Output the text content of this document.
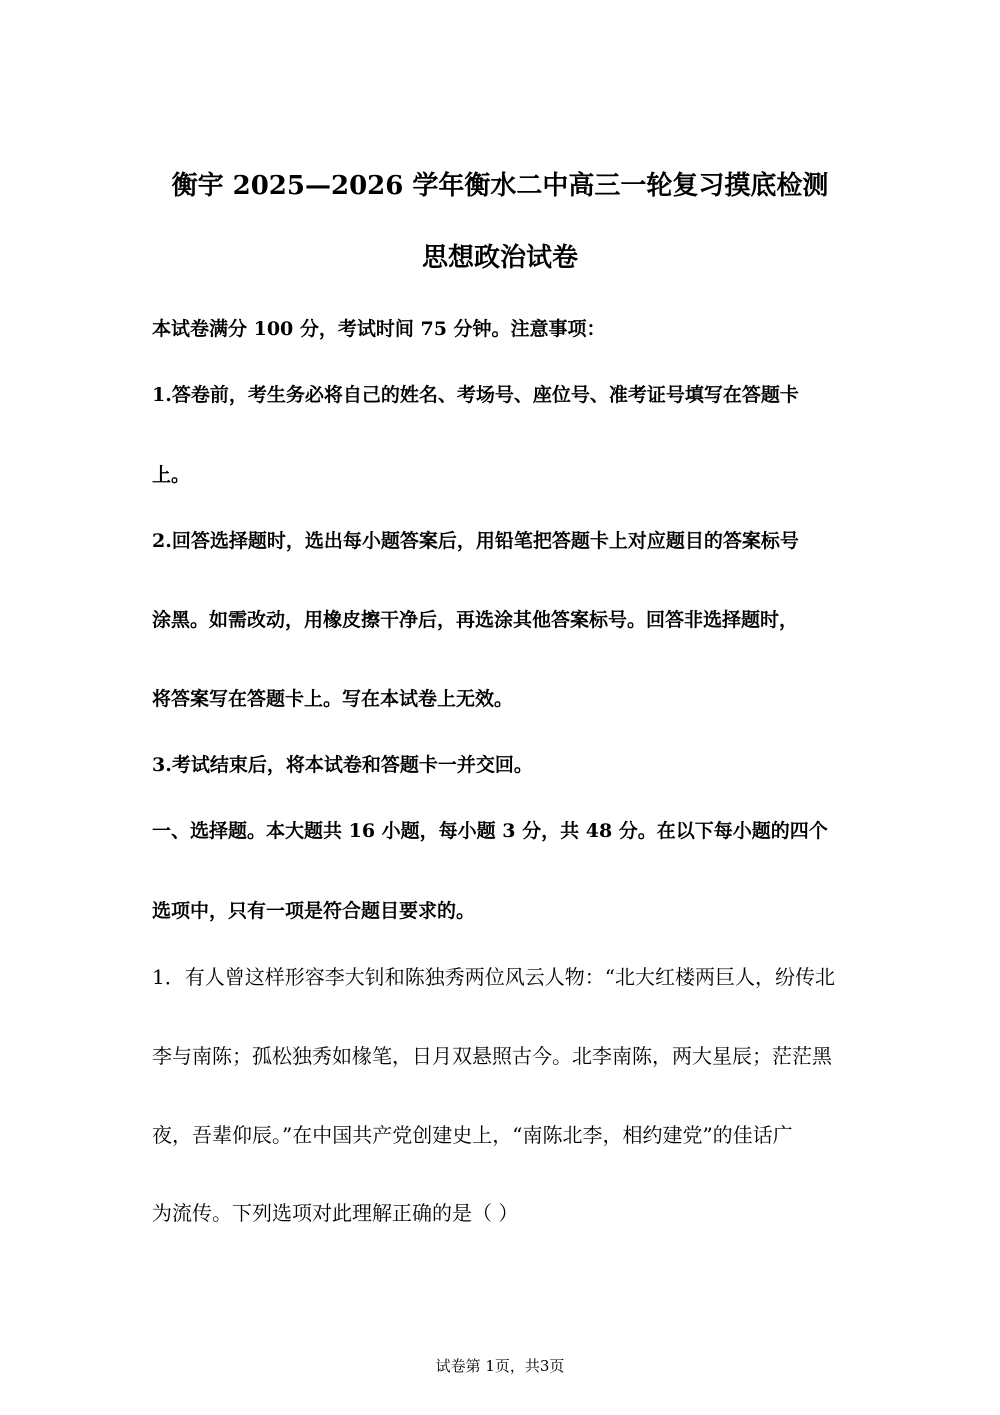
衡宇 2025—2026 学年衡水二中高三一轮复习摸底检测
思想政治试卷
本试卷满分 100 分，考试时间 75 分钟。注意事项：
1.答卷前，考生务必将自己的姓名、考场号、座位号、准考证号填写在答题卡
上。
2.回答选择题时，选出每小题答案后，用铅笔把答题卡上对应题目的答案标号
涂黑。如需改动，用橡皮擦干净后，再选涂其他答案标号。回答非选择题时，
将答案写在答题卡上。写在本试卷上无效。
3.考试结束后，将本试卷和答题卡一并交回。
一、选择题。本大题共 16 小题，每小题 3 分，共 48 分。在以下每小题的四个
选项中，只有一项是符合题目要求的。
1．有人曾这样形容李大钊和陈独秀两位风云人物：“北大红楼两巨人，纷传北
李与南陈；孤松独秀如椽笔，日月双悬照古今。北李南陈，两大星辰；茫茫黑
夜，吾辈仰辰。”在中国共产党创建史上，“南陈北李，相约建党”的佳话广
为流传。下列选项对此理解正确的是（ ）
试卷第 1页，共3页
